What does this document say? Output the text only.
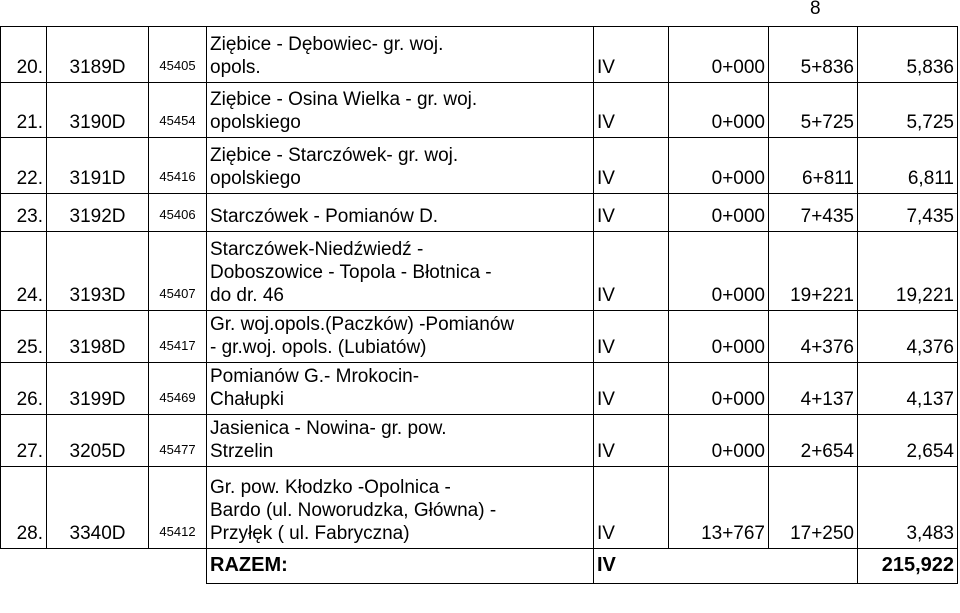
8
20.	3189D	45405	Ziębice - Dębowiec- gr. woj.
opols.	IV	0+000	5+836	5,836
21.	3190D	45454	Ziębice - Osina Wielka - gr. woj.
opolskiego	IV	0+000	5+725	5,725
22.	3191D	45416	Ziębice - Starczówek- gr. woj.
opolskiego	IV	0+000	6+811	6,811
23.	3192D	45406	Starczówek - Pomianów D.	IV	0+000	7+435	7,435
24.	3193D	45407	Starczówek-Niedźwiedź -
Doboszowice - Topola - Błotnica -
do dr. 46	IV	0+000	19+221	19,221
25.	3198D	45417	Gr. woj.opols.(Paczków) -Pomianów
- gr.woj. opols. (Lubiatów)	IV	0+000	4+376	4,376
26.	3199D	45469	Pomianów G.- Mrokocin-
Chałupki	IV	0+000	4+137	4,137
27.	3205D	45477	Jasienica - Nowina- gr. pow.
Strzelin	IV	0+000	2+654	2,654
28.	3340D	45412	Gr. pow. Kłodzko -Opolnica -
Bardo (ul. Noworudzka, Główna) -
Przyłęk ( ul. Fabryczna)	IV	13+767	17+250	3,483
			RAZEM:	IV			215,922
